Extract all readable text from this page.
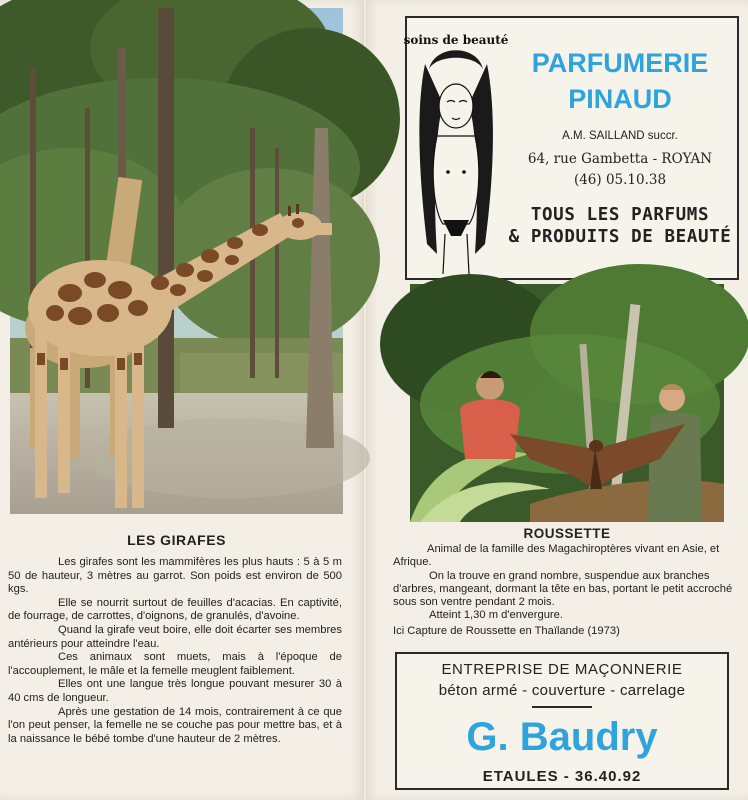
LES GIRAFES

Les girafes sont les mammifères les plus hauts : 5 à 5 m 50 de hauteur, 3 mètres au garrot. Son poids est environ de 500 kgs.

Elle se nourrit surtout de feuilles d'acacias. En captivité, de fourrage, de carrottes, d'oignons, de granulés, d'avoine.

Quand la girafe veut boire, elle doit écarter ses membres antérieurs pour atteindre l'eau.

Ces animaux sont muets, mais à l'époque de l'accouplement, le mâle et la femelle meuglent faiblement.

Elles ont une langue très longue pouvant mesurer 30 à 40 cms de longueur.

Après une gestation de 14 mois, contrairement à ce que l'on peut penser, la femelle ne se couche pas pour mettre bas, et à la naissance le bébé tombe d'une hauteur de 2 mètres.

soins de beauté
PARFUMERIE
PINAUD
A.M. SAILLAND succr.
64, rue Gambetta - ROYAN
(46) 05.10.38
TOUS LES PARFUMS
& PRODUITS DE BEAUTÉ
ROUSSETTE

Animal de la famille des Magachiroptères vivant en Asie, et Afrique.

On la trouve en grand nombre, suspendue aux branches d'arbres, mangeant, dormant la tête en bas, portant le petit accroché sous son ventre pendant 2 mois.

Atteint 1,30 m d'envergure.

Ici Capture de Roussette en Thaïlande (1973)

ENTREPRISE DE MAÇONNERIE
béton armé - couverture - carrelage
G. Baudry
ETAULES - 36.40.92
